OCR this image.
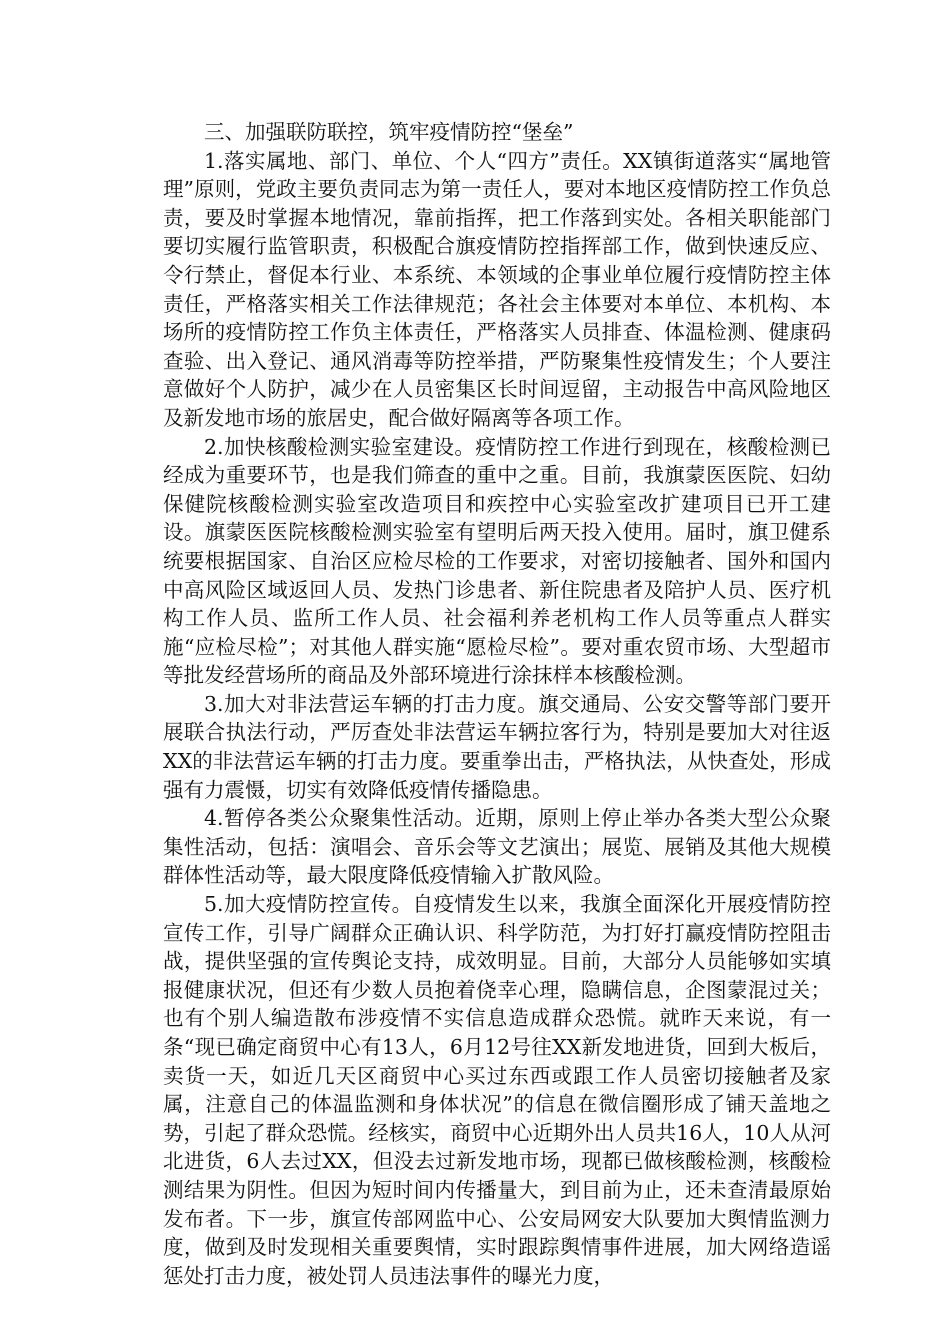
三、加强联防联控，筑牢疫情防控“堡垒”

1.落实属地、部门、单位、个人“四方”责任。XX镇街道落实“属地管理”原则，党政主要负责同志为第一责任人，要对本地区疫情防控工作负总责，要及时掌握本地情况，靠前指挥，把工作落到实处。各相关职能部门要切实履行监管职责，积极配合旗疫情防控指挥部工作，做到快速反应、令行禁止，督促本行业、本系统、本领域的企事业单位履行疫情防控主体责任，严格落实相关工作法律规范；各社会主体要对本单位、本机构、本场所的疫情防控工作负主体责任，严格落实人员排查、体温检测、健康码查验、出入登记、通风消毒等防控举措，严防聚集性疫情发生；个人要注意做好个人防护，减少在人员密集区长时间逗留，主动报告中高风险地区及新发地市场的旅居史，配合做好隔离等各项工作。

2.加快核酸检测实验室建设。疫情防控工作进行到现在，核酸检测已经成为重要环节，也是我们筛查的重中之重。目前，我旗蒙医医院、妇幼保健院核酸检测实验室改造项目和疾控中心实验室改扩建项目已开工建设。旗蒙医医院核酸检测实验室有望明后两天投入使用。届时，旗卫健系统要根据国家、自治区应检尽检的工作要求，对密切接触者、国外和国内中高风险区域返回人员、发热门诊患者、新住院患者及陪护人员、医疗机构工作人员、监所工作人员、社会福利养老机构工作人员等重点人群实施“应检尽检”；对其他人群实施“愿检尽检”。要对重农贸市场、大型超市等批发经营场所的商品及外部环境进行涂抹样本核酸检测。

3.加大对非法营运车辆的打击力度。旗交通局、公安交警等部门要开展联合执法行动，严厉查处非法营运车辆拉客行为，特别是要加大对往返XX的非法营运车辆的打击力度。要重拳出击，严格执法，从快查处，形成强有力震慑，切实有效降低疫情传播隐患。

4.暂停各类公众聚集性活动。近期，原则上停止举办各类大型公众聚集性活动，包括：演唱会、音乐会等文艺演出；展览、展销及其他大规模群体性活动等，最大限度降低疫情输入扩散风险。

5.加大疫情防控宣传。自疫情发生以来，我旗全面深化开展疫情防控宣传工作，引导广阔群众正确认识、科学防范，为打好打赢疫情防控阻击战，提供坚强的宣传舆论支持，成效明显。目前，大部分人员能够如实填报健康状况，但还有少数人员抱着侥幸心理，隐瞒信息，企图蒙混过关；也有个别人编造散布涉疫情不实信息造成群众恐慌。就昨天来说，有一条“现已确定商贸中心有13人，6月12号往XX新发地进货，回到大板后，卖货一天，如近几天区商贸中心买过东西或跟工作人员密切接触者及家属，注意自己的体温监测和身体状况”的信息在微信圈形成了铺天盖地之势，引起了群众恐慌。经核实，商贸中心近期外出人员共16人，10人从河北进货，6人去过XX，但没去过新发地市场，现都已做核酸检测，核酸检测结果为阴性。但因为短时间内传播量大，到目前为止，还未查清最原始发布者。下一步，旗宣传部网监中心、公安局网安大队要加大舆情监测力度，做到及时发现相关重要舆情，实时跟踪舆情事件进展，加大网络造谣惩处打击力度，被处罚人员违法事件的曝光力度，
